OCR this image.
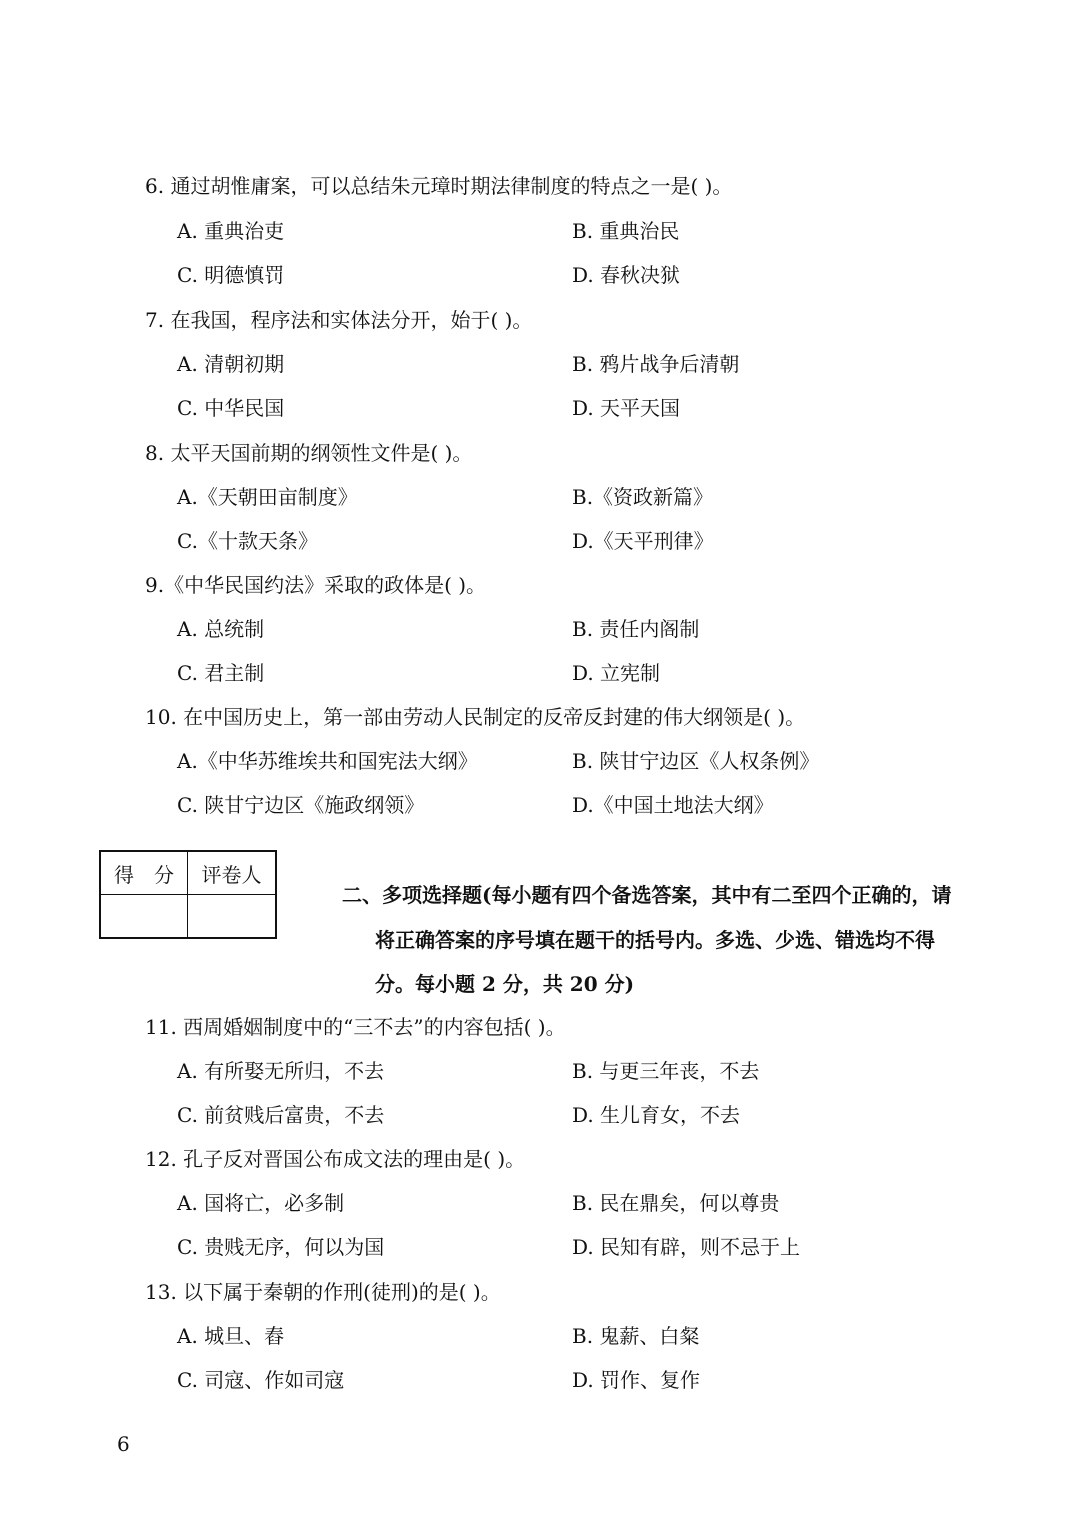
6. 通过胡惟庸案，可以总结朱元璋时期法律制度的特点之一是( )。
A. 重典治吏	B. 重典治民
C. 明德慎罚	D. 春秋决狱
7. 在我国，程序法和实体法分开，始于( )。
A. 清朝初期	B. 鸦片战争后清朝
C. 中华民国	D. 天平天国
8. 太平天国前期的纲领性文件是( )。
A.《天朝田亩制度》	B.《资政新篇》
C.《十款天条》	D.《天平刑律》
9.《中华民国约法》采取的政体是( )。
A. 总统制	B. 责任内阁制
C. 君主制	D. 立宪制
10. 在中国历史上，第一部由劳动人民制定的反帝反封建的伟大纲领是( )。
A.《中华苏维埃共和国宪法大纲》	B. 陕甘宁边区《人权条例》
C. 陕甘宁边区《施政纲领》	D.《中国土地法大纲》
得　分	评卷人

二、多项选择题(每小题有四个备选答案，其中有二至四个正确的，请
将正确答案的序号填在题干的括号内。多选、少选、错选均不得
分。每小题 2 分，共 20 分)
11. 西周婚姻制度中的“三不去”的内容包括( )。
A. 有所娶无所归，不去	B. 与更三年丧，不去
C. 前贫贱后富贵，不去	D. 生儿育女，不去
12. 孔子反对晋国公布成文法的理由是( )。
A. 国将亡，必多制	B. 民在鼎矣，何以尊贵
C. 贵贱无序，何以为国	D. 民知有辟，则不忌于上
13. 以下属于秦朝的作刑(徒刑)的是( )。
A. 城旦、舂	B. 鬼薪、白粲
C. 司寇、作如司寇	D. 罚作、复作
6
